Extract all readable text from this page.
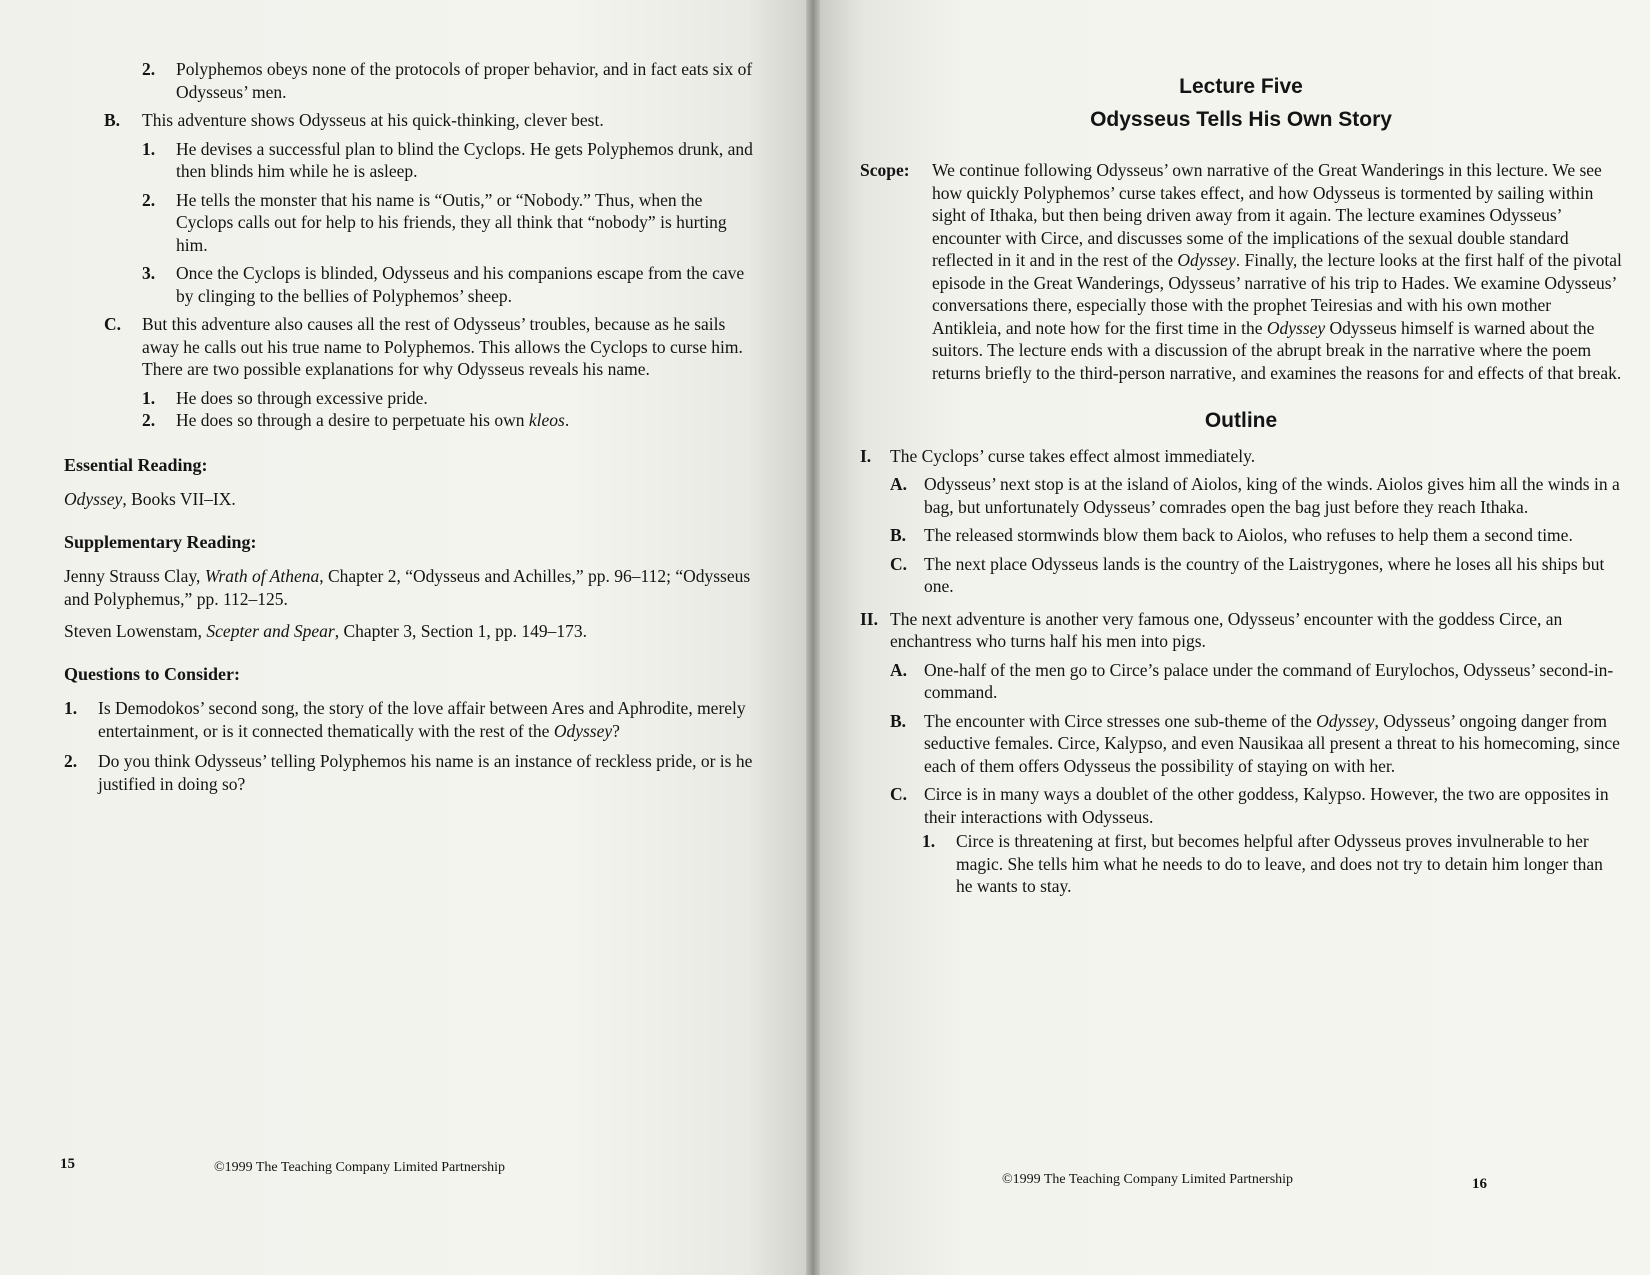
2.	Polyphemos obeys none of the protocols of proper behavior, and in fact eats six of Odysseus’ men.
B.	This adventure shows Odysseus at his quick-thinking, clever best.
1.	He devises a successful plan to blind the Cyclops. He gets Polyphemos drunk, and then blinds him while he is asleep.
2.	He tells the monster that his name is “Outis,” or “Nobody.” Thus, when the Cyclops calls out for help to his friends, they all think that “nobody” is hurting him.
3.	Once the Cyclops is blinded, Odysseus and his companions escape from the cave by clinging to the bellies of Polyphemos’ sheep.
C.	But this adventure also causes all the rest of Odysseus’ troubles, because as he sails away he calls out his true name to Polyphemos. This allows the Cyclops to curse him. There are two possible explanations for why Odysseus reveals his name.
1.	He does so through excessive pride.
2.	He does so through a desire to perpetuate his own kleos.
Essential Reading:
Odyssey, Books VII–IX.
Supplementary Reading:
Jenny Strauss Clay, Wrath of Athena, Chapter 2, “Odysseus and Achilles,” pp. 96–112; “Odysseus and Polyphemus,” pp. 112–125.
Steven Lowenstam, Scepter and Spear, Chapter 3, Section 1, pp. 149–173.
Questions to Consider:
1.	Is Demodokos’ second song, the story of the love affair between Ares and Aphrodite, merely entertainment, or is it connected thematically with the rest of the Odyssey?
2.	Do you think Odysseus’ telling Polyphemos his name is an instance of reckless pride, or is he justified in doing so?
15	©1999 The Teaching Company Limited Partnership
Lecture Five
Odysseus Tells His Own Story
Scope:	We continue following Odysseus’ own narrative of the Great Wanderings in this lecture. We see how quickly Polyphemos’ curse takes effect, and how Odysseus is tormented by sailing within sight of Ithaka, but then being driven away from it again. The lecture examines Odysseus’ encounter with Circe, and discusses some of the implications of the sexual double standard reflected in it and in the rest of the Odyssey. Finally, the lecture looks at the first half of the pivotal episode in the Great Wanderings, Odysseus’ narrative of his trip to Hades. We examine Odysseus’ conversations there, especially those with the prophet Teiresias and with his own mother Antikleia, and note how for the first time in the Odyssey Odysseus himself is warned about the suitors. The lecture ends with a discussion of the abrupt break in the narrative where the poem returns briefly to the third-person narrative, and examines the reasons for and effects of that break.
Outline
I.	The Cyclops’ curse takes effect almost immediately.
A. Odysseus’ next stop is at the island of Aiolos, king of the winds. Aiolos gives him all the winds in a bag, but unfortunately Odysseus’ comrades open the bag just before they reach Ithaka.
B.	The released stormwinds blow them back to Aiolos, who refuses to help them a second time.
C. The next place Odysseus lands is the country of the Laistrygones, where he loses all his ships but one.
II. The next adventure is another very famous one, Odysseus’ encounter with the goddess Circe, an enchantress who turns half his men into pigs.
A. One-half of the men go to Circe’s palace under the command of Eurylochos, Odysseus’ second-in-command.
B.	The encounter with Circe stresses one sub-theme of the Odyssey, Odysseus’ ongoing danger from seductive females. Circe, Kalypso, and even Nausikaa all present a threat to his homecoming, since each of them offers Odysseus the possibility of staying on with her.
C. Circe is in many ways a doublet of the other goddess, Kalypso. However, the two are opposites in their interactions with Odysseus.
1.	Circe is threatening at first, but becomes helpful after Odysseus proves invulnerable to her magic. She tells him what he needs to do to leave, and does not try to detain him longer than he wants to stay.
©1999 The Teaching Company Limited Partnership	16
